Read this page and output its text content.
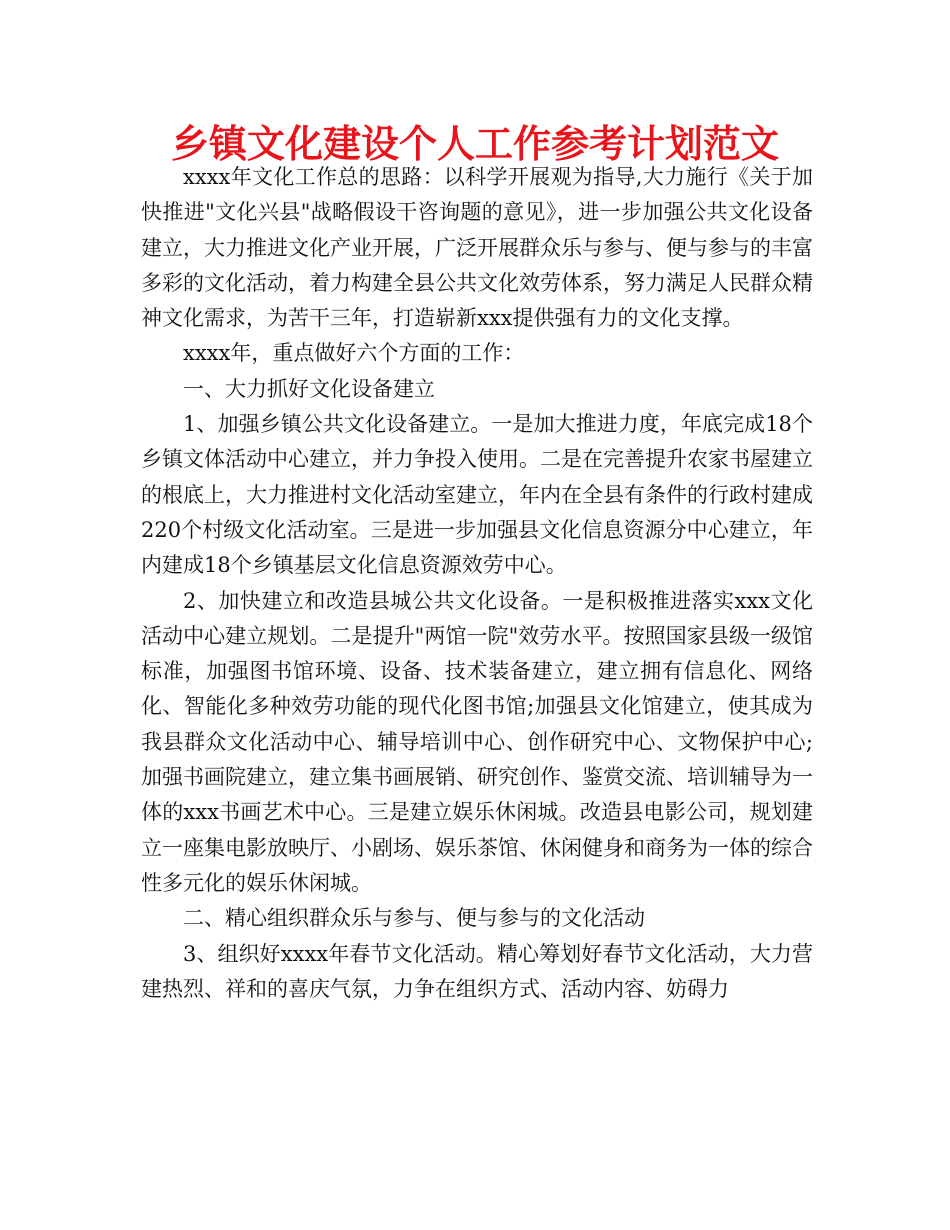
乡镇文化建设个人工作参考计划范文

xxxx年文化工作总的思路：以科学开展观为指导,大力施行《关于加快推进"文化兴县"战略假设干咨询题的意见》，进一步加强公共文化设备建立，大力推进文化产业开展，广泛开展群众乐与参与、便与参与的丰富多彩的文化活动，着力构建全县公共文化效劳体系，努力满足人民群众精神文化需求，为苦干三年，打造崭新xxx提供强有力的文化支撑。

xxxx年，重点做好六个方面的工作：

一、大力抓好文化设备建立

1、加强乡镇公共文化设备建立。一是加大推进力度，年底完成18个乡镇文体活动中心建立，并力争投入使用。二是在完善提升农家书屋建立的根底上，大力推进村文化活动室建立，年内在全县有条件的行政村建成220个村级文化活动室。三是进一步加强县文化信息资源分中心建立，年内建成18个乡镇基层文化信息资源效劳中心。

2、加快建立和改造县城公共文化设备。一是积极推进落实xxx文化活动中心建立规划。二是提升"两馆一院"效劳水平。按照国家县级一级馆标准，加强图书馆环境、设备、技术装备建立，建立拥有信息化、网络化、智能化多种效劳功能的现代化图书馆;加强县文化馆建立，使其成为我县群众文化活动中心、辅导培训中心、创作研究中心、文物保护中心;加强书画院建立，建立集书画展销、研究创作、鉴赏交流、培训辅导为一体的xxx书画艺术中心。三是建立娱乐休闲城。改造县电影公司，规划建立一座集电影放映厅、小剧场、娱乐茶馆、休闲健身和商务为一体的综合性多元化的娱乐休闲城。

二、精心组织群众乐与参与、便与参与的文化活动

3、组织好xxxx年春节文化活动。精心筹划好春节文化活动，大力营建热烈、祥和的喜庆气氛，力争在组织方式、活动内容、妨碍力
